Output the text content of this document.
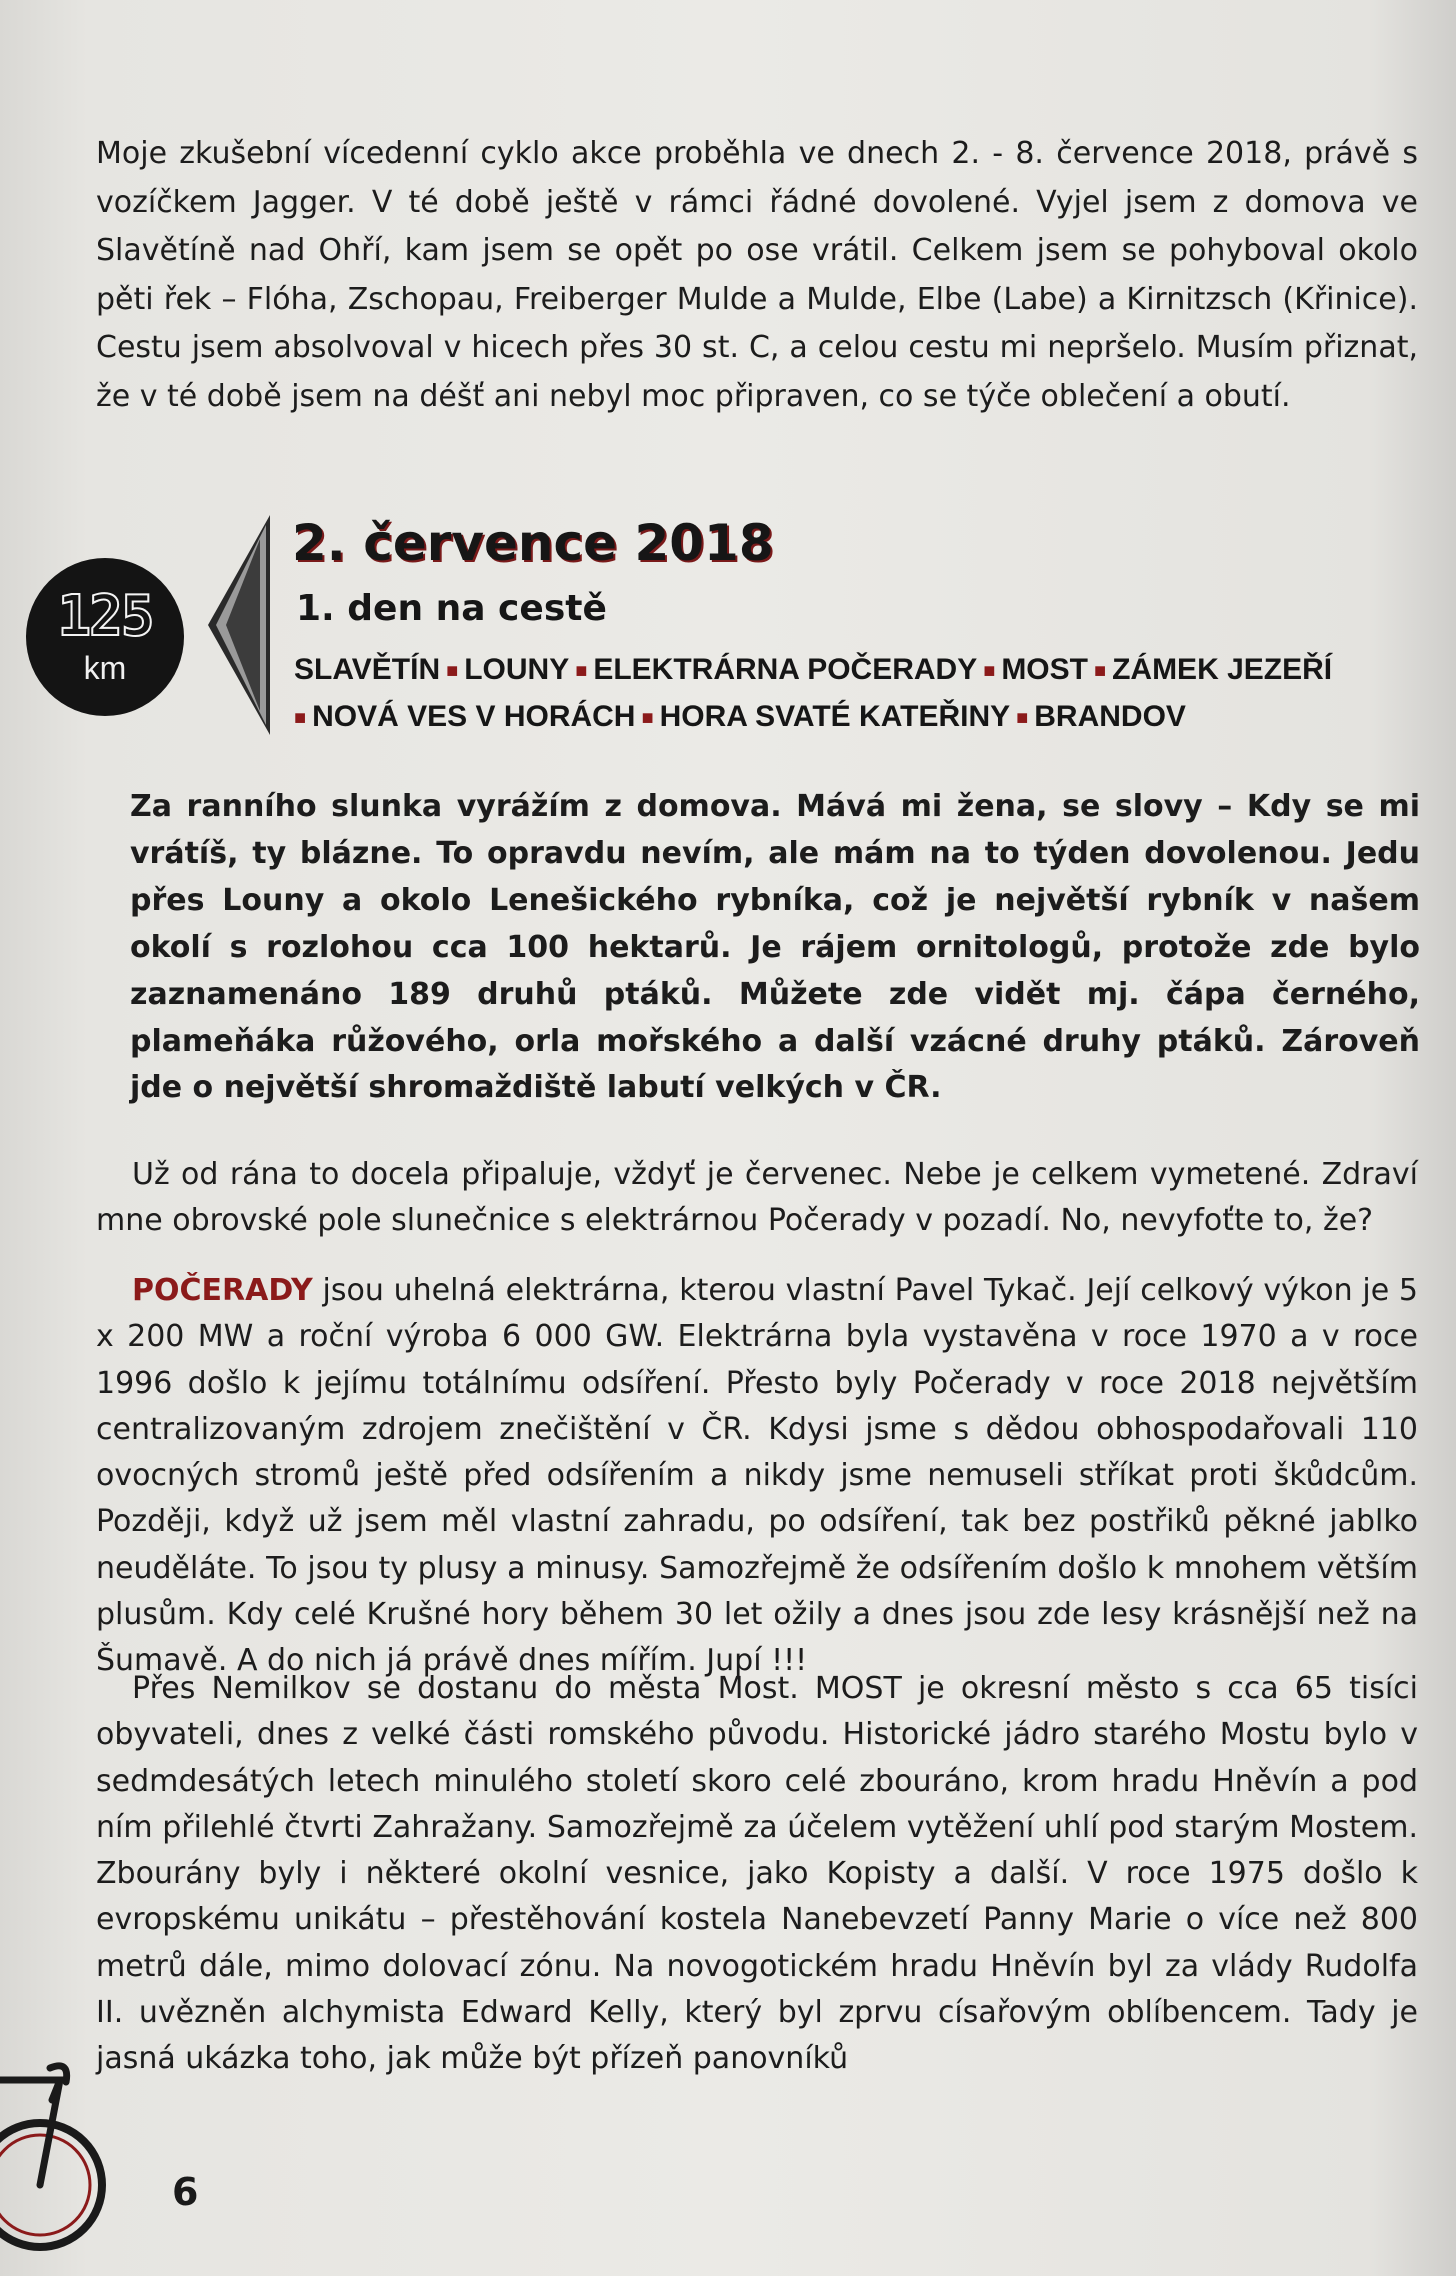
Moje zkušební vícedenní cyklo akce proběhla ve dnech 2. - 8. července 2018, právě s vozíčkem Jagger. V té době ještě v rámci řádné dovolené. Vyjel jsem z domova ve Slavětíně nad Ohří, kam jsem se opět po ose vrátil. Celkem jsem se pohyboval okolo pěti řek – Flóha, Zschopau, Freiberger Mulde a Mulde, Elbe (Labe) a Kirnitzsch (Křinice). Cestu jsem absolvoval v hicech přes 30 st. C, a celou cestu mi nepršelo. Musím přiznat, že v té době jsem na déšť ani nebyl moc připraven, co se týče oblečení a obutí.

125
km
2. července 2018
1. den na cestě
SLAVĚTÍN ■ LOUNY ■ ELEKTRÁRNA POČERADY ■ MOST ■ ZÁMEK JEZEŘÍ
■ NOVÁ VES V HORÁCH ■ HORA SVATÉ KATEŘINY ■ BRANDOV

Za ranního slunka vyrážím z domova. Mává mi žena, se slovy – Kdy se mi vrátíš, ty blázne. To opravdu nevím, ale mám na to týden dovolenou. Jedu přes Louny a okolo Lenešického rybníka, což je největší rybník v našem okolí s rozlohou cca 100 hektarů. Je rájem ornitologů, protože zde bylo zaznamenáno 189 druhů ptáků. Můžete zde vidět mj. čápa černého, plameňáka růžového, orla mořského a další vzácné druhy ptáků. Zároveň jde o největší shromaždiště labutí velkých v ČR.

Už od rána to docela připaluje, vždyť je červenec. Nebe je celkem vymetené. Zdraví mne obrovské pole slunečnice s elektrárnou Počerady v pozadí. No, nevyfoťte to, že?

POČERADY jsou uhelná elektrárna, kterou vlastní Pavel Tykač. Její celkový výkon je 5 x 200 MW a roční výroba 6 000 GW. Elektrárna byla vystavěna v roce 1970 a v roce 1996 došlo k jejímu totálnímu odsíření. Přesto byly Počerady v roce 2018 největším centralizovaným zdrojem znečištění v ČR. Kdysi jsme s dědou obhospodařovali 110 ovocných stromů ještě před odsířením a nikdy jsme nemuseli stříkat proti škůdcům. Později, když už jsem měl vlastní zahradu, po odsíření, tak bez postřiků pěkné jablko neuděláte. To jsou ty plusy a minusy. Samozřejmě že odsířením došlo k mnohem větším plusům. Kdy celé Krušné hory během 30 let ožily a dnes jsou zde lesy krásnější než na Šumavě. A do nich já právě dnes mířím. Jupí !!!

Přes Nemilkov se dostanu do města Most. MOST je okresní město s cca 65 tisíci obyvateli, dnes z velké části romského původu. Historické jádro starého Mostu bylo v sedmdesátých letech minulého století skoro celé zbouráno, krom hradu Hněvín a pod ním přilehlé čtvrti Zahražany. Samozřejmě za účelem vytěžení uhlí pod starým Mostem. Zbourány byly i některé okolní vesnice, jako Kopisty a další. V roce 1975 došlo k evropskému unikátu – přestěhování kostela Nanebevzetí Panny Marie o více než 800 metrů dále, mimo dolovací zónu. Na novogotickém hradu Hněvín byl za vlády Rudolfa II. uvězněn alchymista Edward Kelly, který byl zprvu císařovým oblíbencem. Tady je jasná ukázka toho, jak může být přízeň panovníků

6
